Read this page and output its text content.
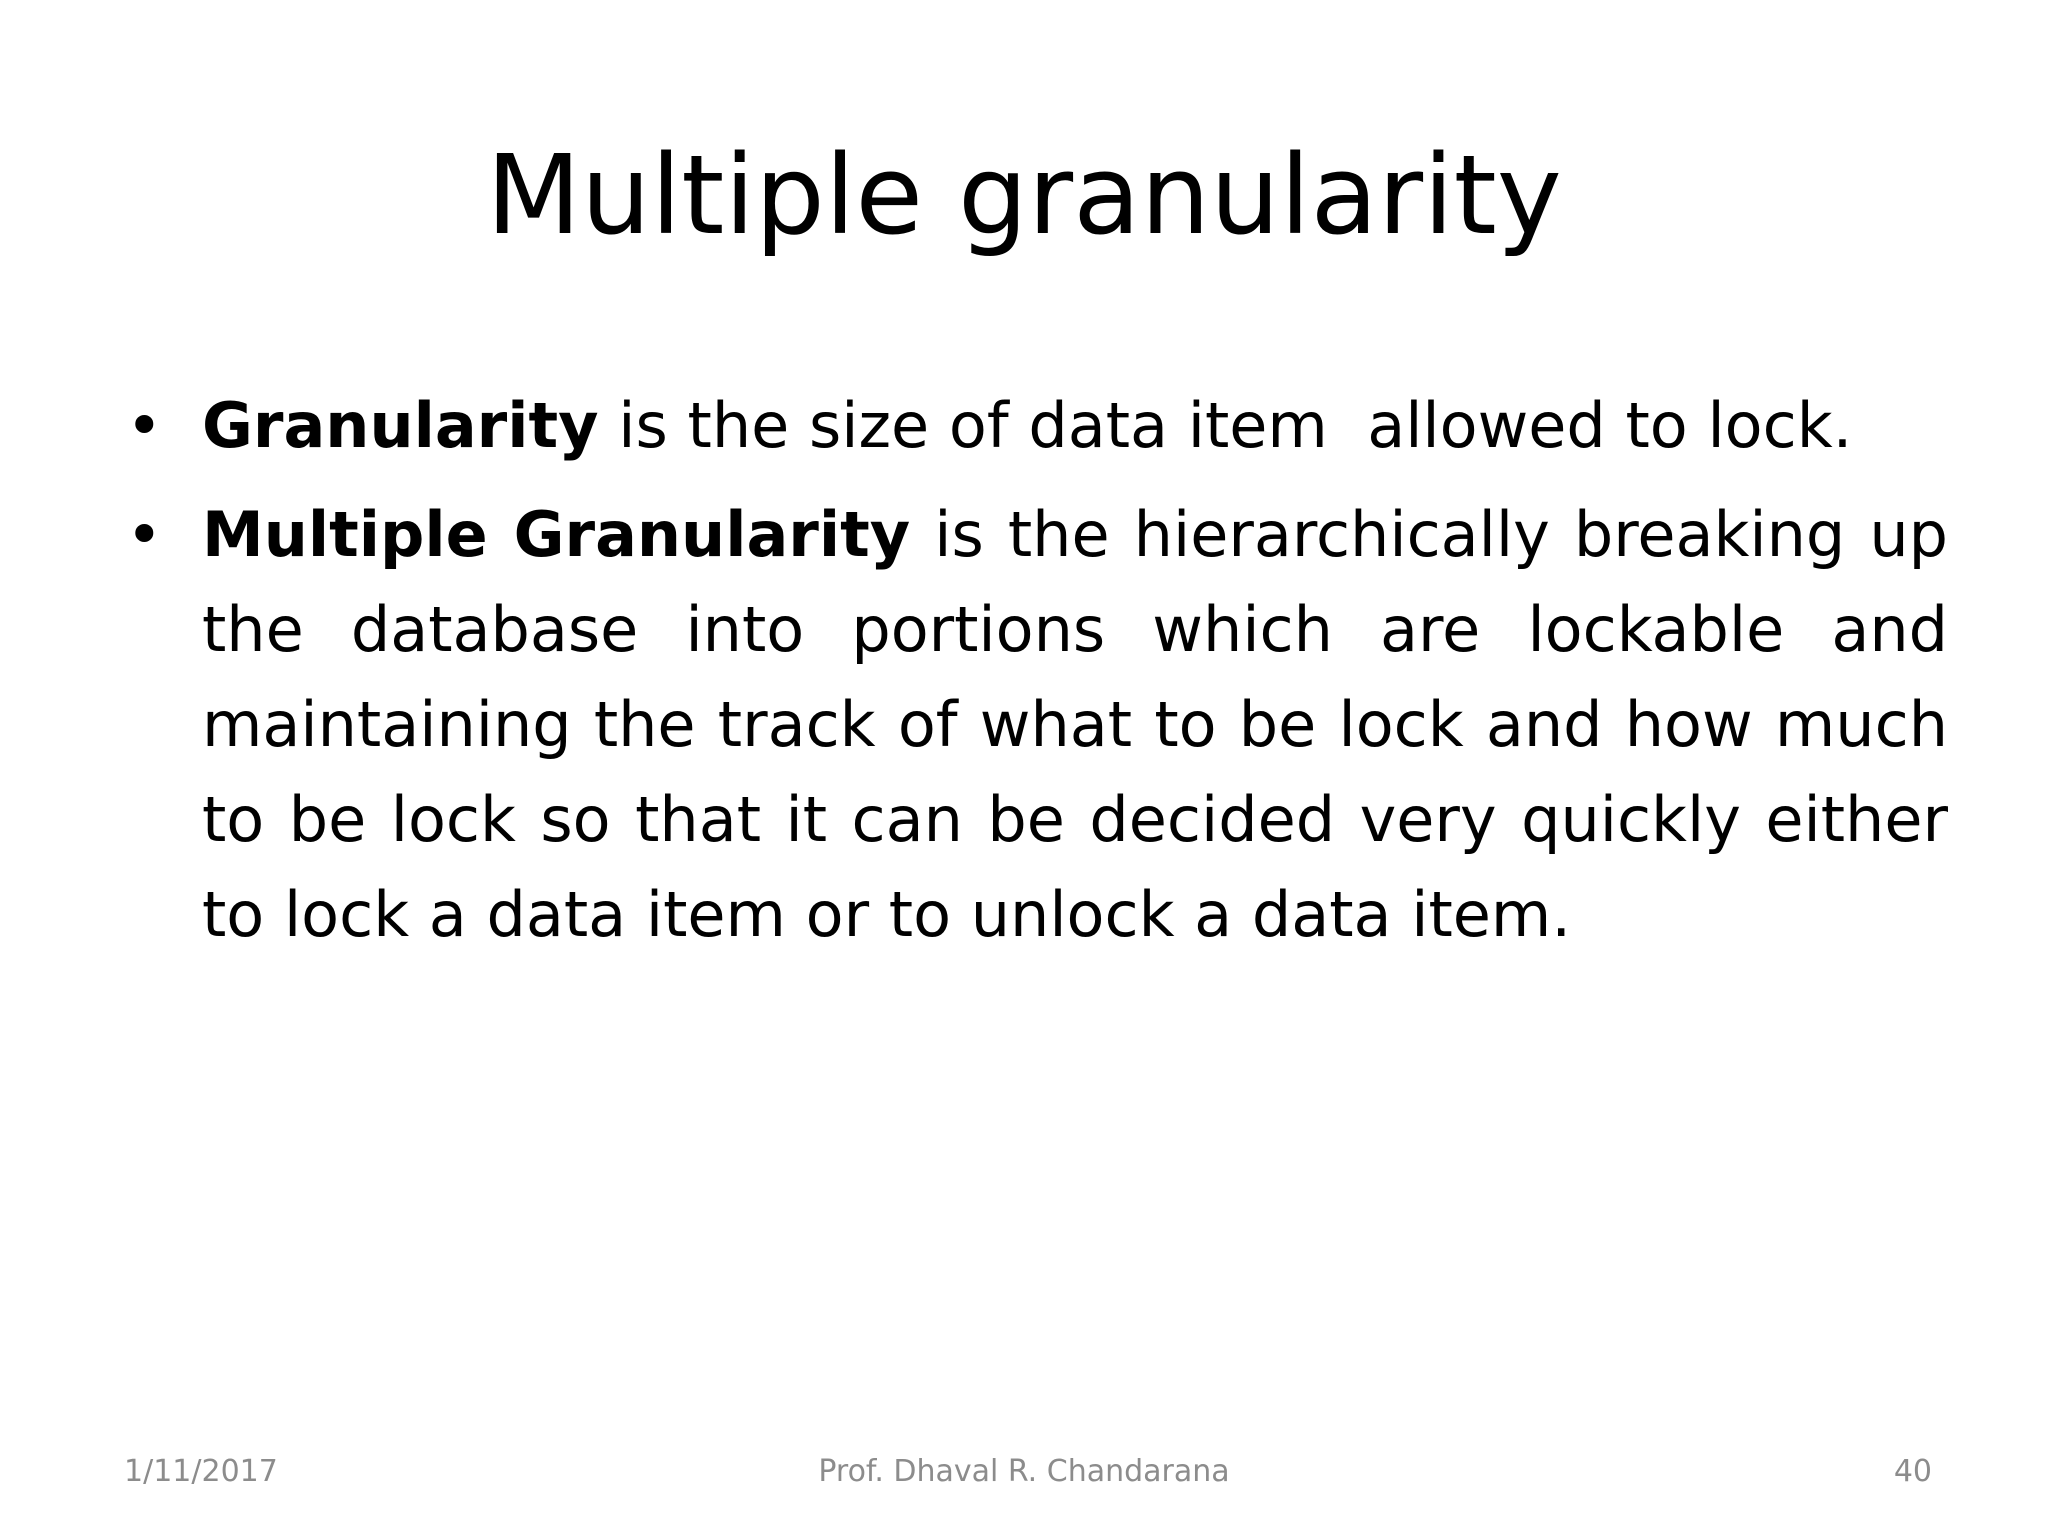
Multiple granularity
• Granularity is the size of data item  allowed to lock.
• Multiple Granularity is the hierarchically breaking up the database into portions which are lockable and maintaining the track of what to be lock and how much to be lock so that it can be decided very quickly either to lock a data item or to unlock a data item.
1/11/2017	Prof. Dhaval R. Chandarana	40
